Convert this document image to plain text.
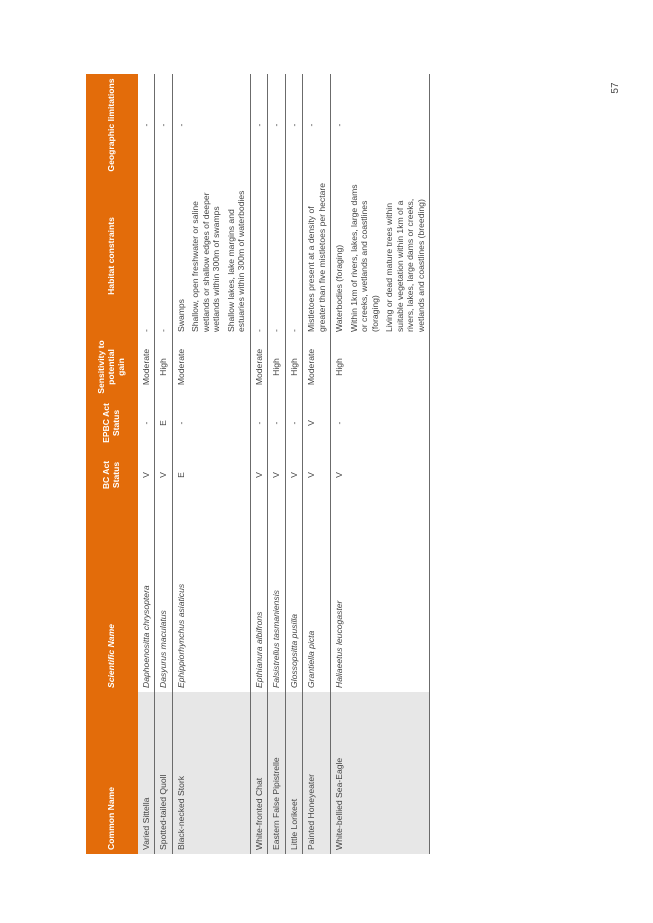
57
Common Name	Scientific Name	BC Act Status	EPBC Act Status	Sensitivity to potential gain	Habitat constraints	Geographic limitations
Varied Sittella	Daphoenositta chrysoptera	V	-	Moderate	-	-
Spotted-tailed Quoll	Dasyurus maculatus	V	E	High	-	-
Black-necked Stork	Ephippiorhynchus asiaticus	E	-	Moderate	Swamps Shallow, open freshwater or saline wetlands or shallow edges of deeper wetlands within 300m of swamps Shallow lakes, lake margins and estuaries within 300m of waterbodies	-
White-fronted Chat	Epthianura albifrons	V	-	Moderate	-	-
Eastern False Pipistrelle	Falsistrellus tasmaniensis	V	-	High	-	-
Little Lorikeet	Glossopsitta pusilla	V	-	High	-	-
Painted Honeyeater	Grantiella picta	V	V	Moderate	Mistletoes present at a density of greater than five mistletoes per hectare	-
White-bellied Sea-Eagle	Haliaeetus leucogaster	V	-	High	Waterbodies (foraging) Within 1km of rivers, lakes, large dams or creeks, wetlands and coastlines (foraging) Living or dead mature trees within suitable vegetation within 1km of a rivers, lakes, large dams or creeks, wetlands and coastlines (breeding)	-
